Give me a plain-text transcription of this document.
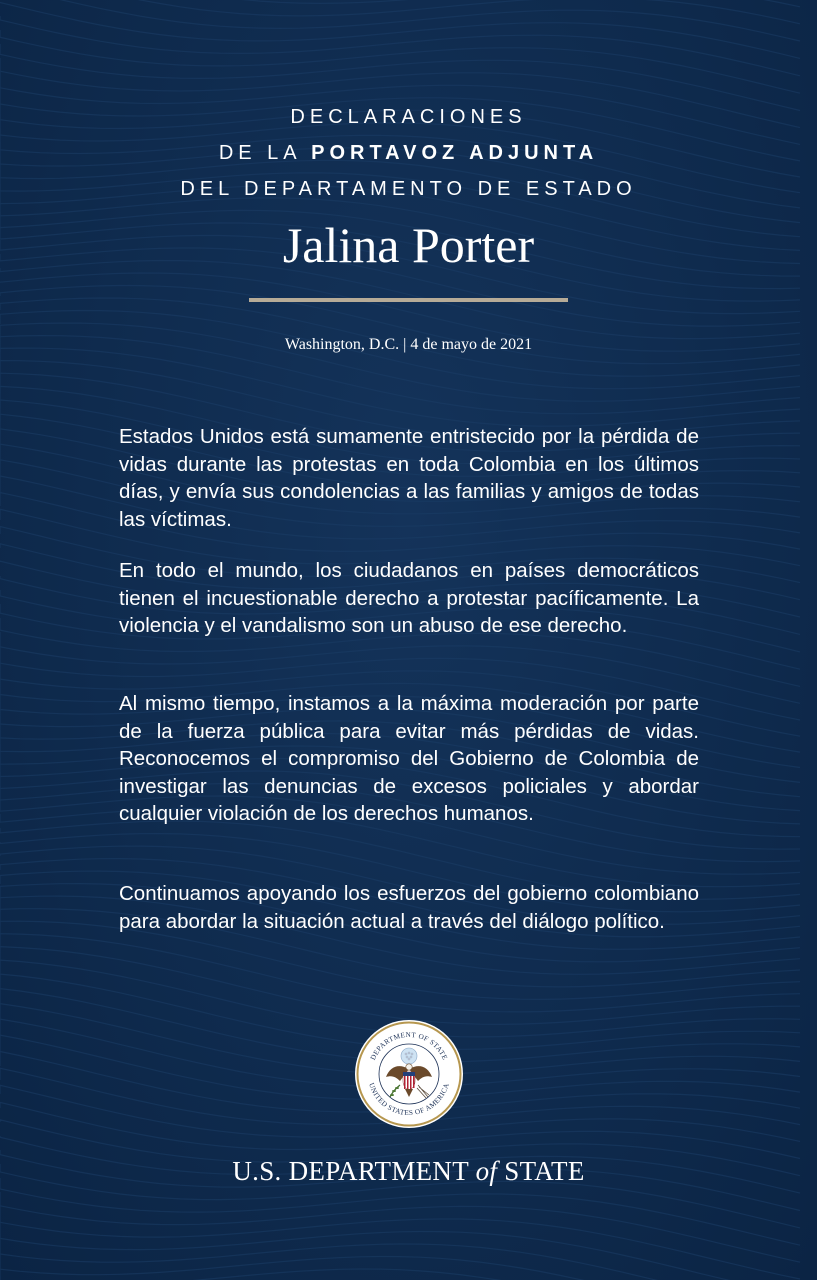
DECLARACIONES
DE LA PORTAVOZ ADJUNTA
DEL DEPARTAMENTO DE ESTADO
Jalina Porter
Washington, D.C. | 4 de mayo de 2021

Estados Unidos está sumamente entristecido por la pérdida de vidas durante las protestas en toda Colombia en los últimos días, y envía sus condolencias a las familias y amigos de todas las víctimas.

En todo el mundo, los ciudadanos en países democráticos tienen el incuestionable derecho a protestar pacíficamente. La violencia y el vandalismo son un abuso de ese derecho.

Al mismo tiempo, instamos a la máxima moderación por parte de la fuerza pública para evitar más pérdidas de vidas. Reconocemos el compromiso del Gobierno de Colombia de investigar las denuncias de excesos policiales y abordar cualquier violación de los derechos humanos.

Continuamos apoyando los esfuerzos del gobierno colombiano para abordar la situación actual a través del diálogo político.

DEPARTMENT OF STATE
UNITED STATES OF AMERICA
U.S. DEPARTMENT of STATE
